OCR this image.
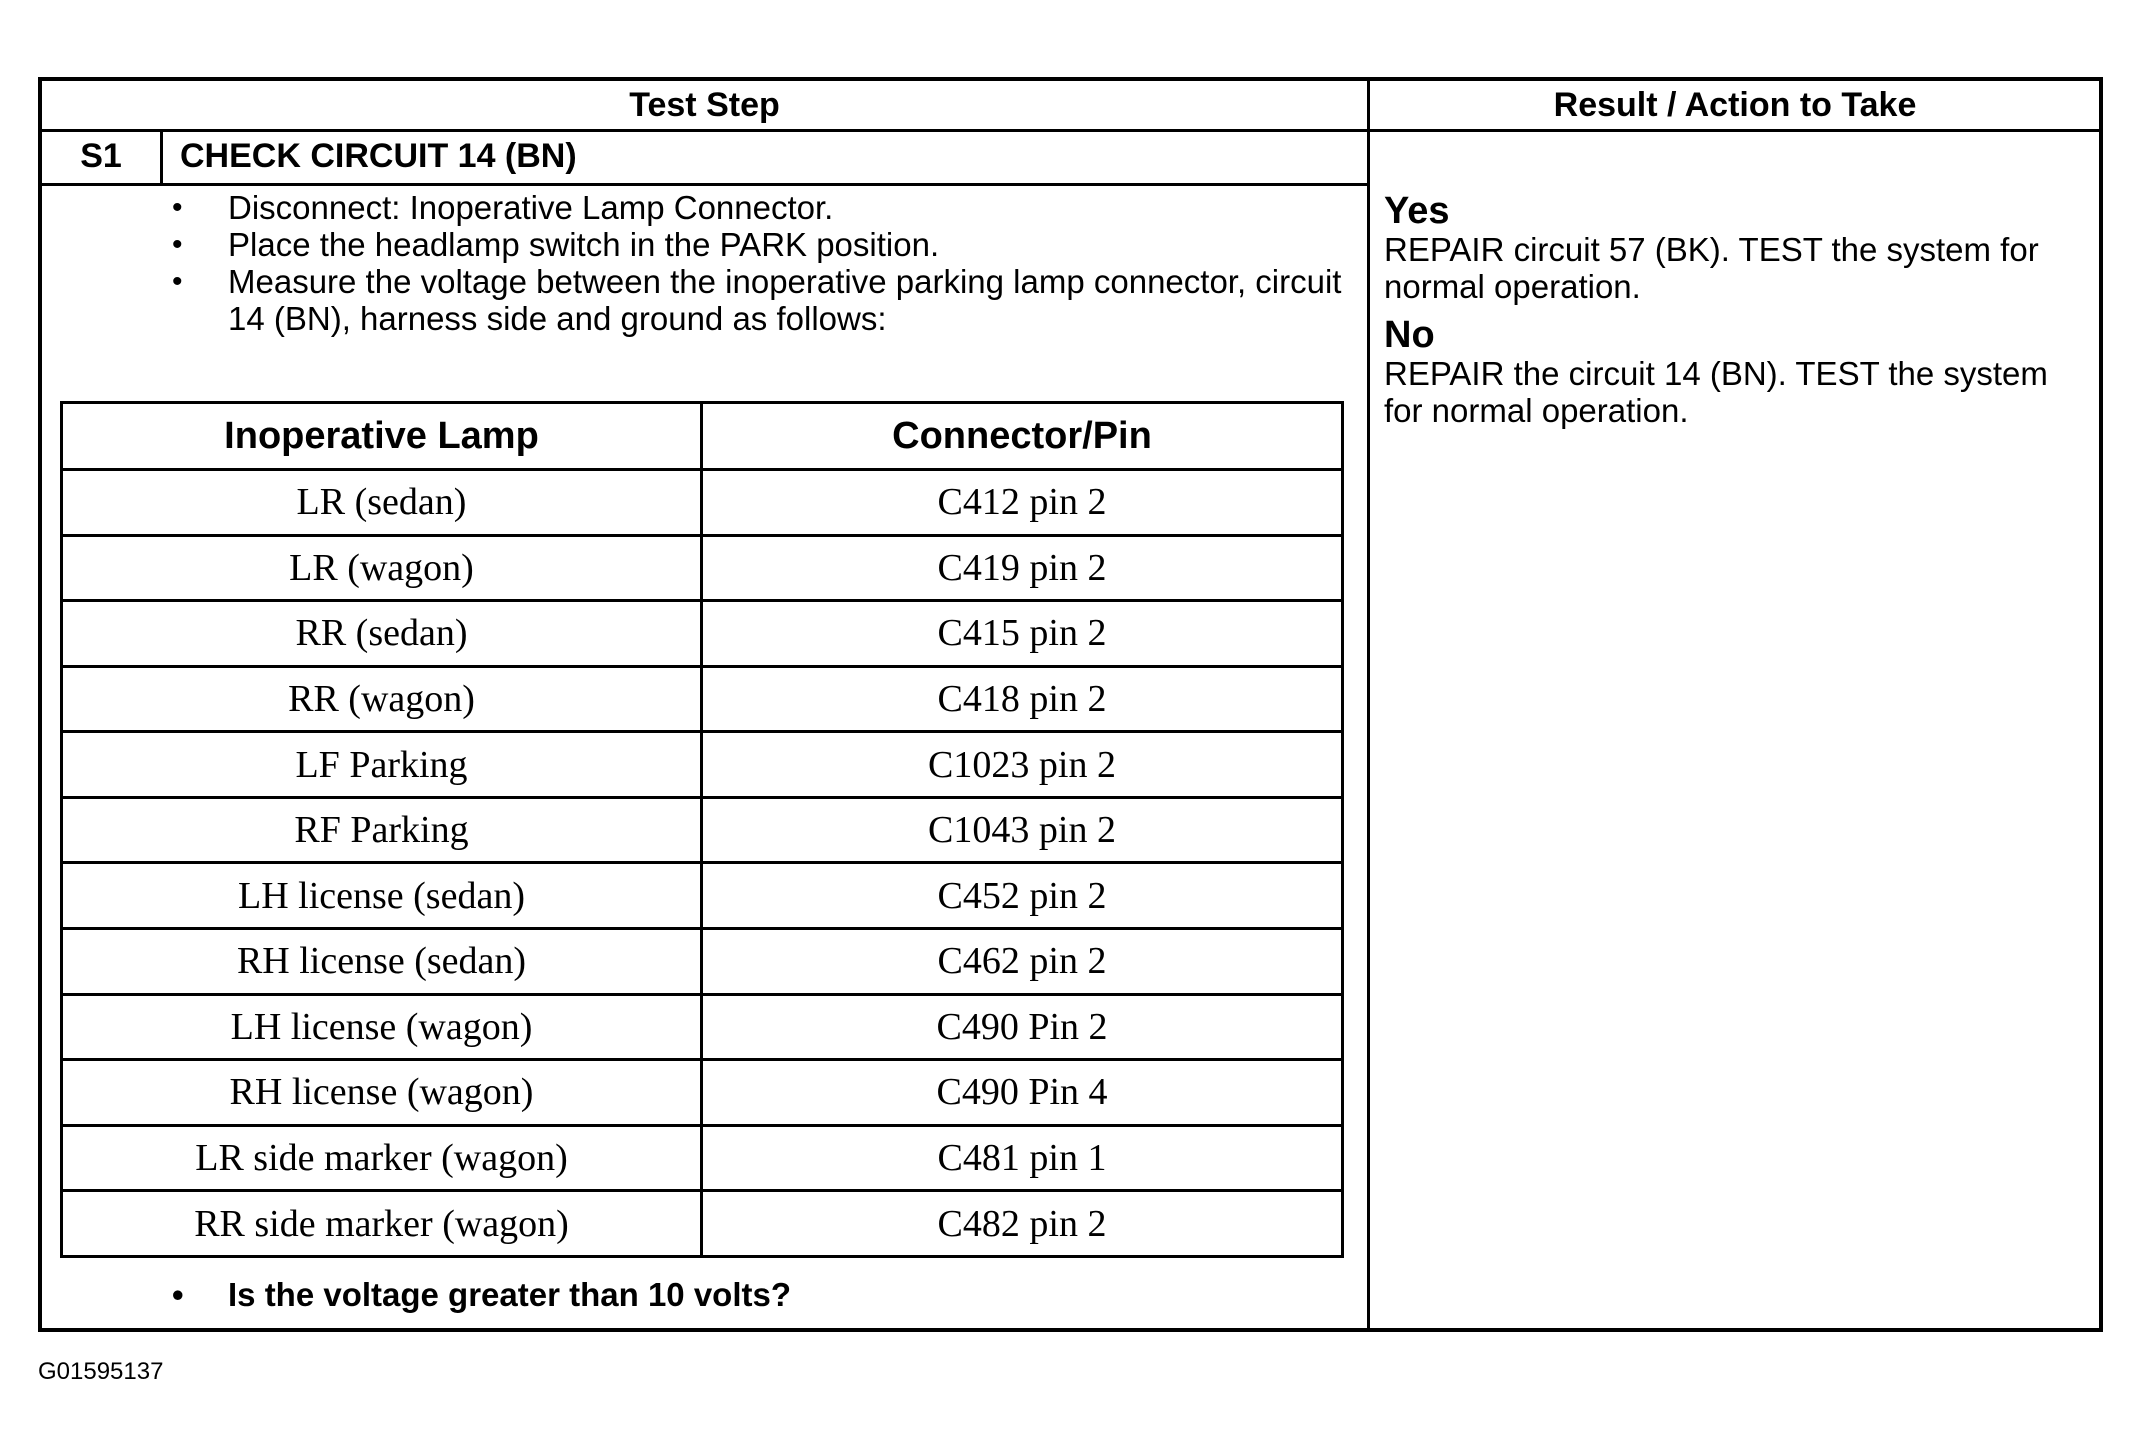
Test Step	Result / Action to Take
S1	CHECK CIRCUIT 14 (BN)
• Disconnect: Inoperative Lamp Connector.
• Place the headlamp switch in the PARK position.
• Measure the voltage between the inoperative parking lamp connector, circuit 14 (BN), harness side and ground as follows:
Inoperative Lamp	Connector/Pin
LR (sedan)	C412 pin 2
LR (wagon)	C419 pin 2
RR (sedan)	C415 pin 2
RR (wagon)	C418 pin 2
LF Parking	C1023 pin 2
RF Parking	C1043 pin 2
LH license (sedan)	C452 pin 2
RH license (sedan)	C462 pin 2
LH license (wagon)	C490 Pin 2
RH license (wagon)	C490 Pin 4
LR side marker (wagon)	C481 pin 1
RR side marker (wagon)	C482 pin 2
• Is the voltage greater than 10 volts?
Yes
REPAIR circuit 57 (BK). TEST the system for normal operation.
No
REPAIR the circuit 14 (BN). TEST the system for normal operation.
G01595137
